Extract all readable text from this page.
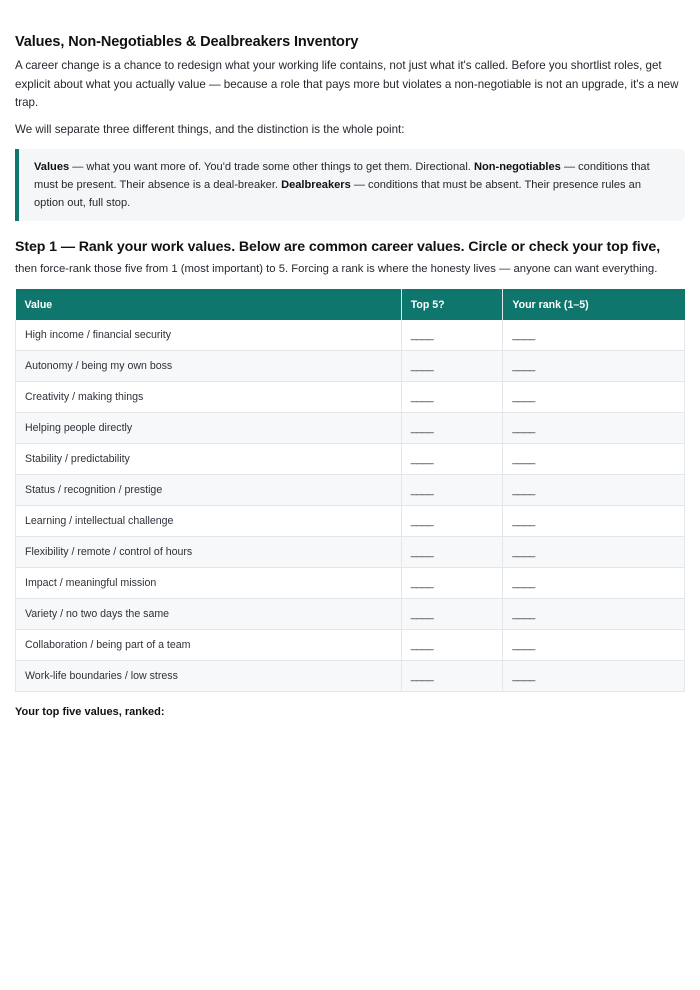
Values, Non-Negotiables & Dealbreakers Inventory

A career change is a chance to redesign what your working life contains, not just what it's called. Before you shortlist roles, get explicit about what you actually value — because a role that pays more but violates a non-negotiable is not an upgrade, it's a new trap.

We will separate three different things, and the distinction is the whole point:

Values — what you want more of. You'd trade some other things to get them. Directional. Non-negotiables — conditions that must be present. Their absence is a deal-breaker. Dealbreakers — conditions that must be absent. Their presence rules an option out, full stop.
Step 1 — Rank your work values. Below are common career values. Circle or check your top five,

then force-rank those five from 1 (most important) to 5. Forcing a rank is where the honesty lives — anyone can want everything.

Value	Top 5?	Your rank (1–5)
High income / financial security	____	____
Autonomy / being my own boss	____	____
Creativity / making things	____	____
Helping people directly	____	____
Stability / predictability	____	____
Status / recognition / prestige	____	____
Learning / intellectual challenge	____	____
Flexibility / remote / control of hours	____	____
Impact / meaningful mission	____	____
Variety / no two days the same	____	____
Collaboration / being part of a team	____	____
Work-life boundaries / low stress	____	____
Your top five values, ranked:
